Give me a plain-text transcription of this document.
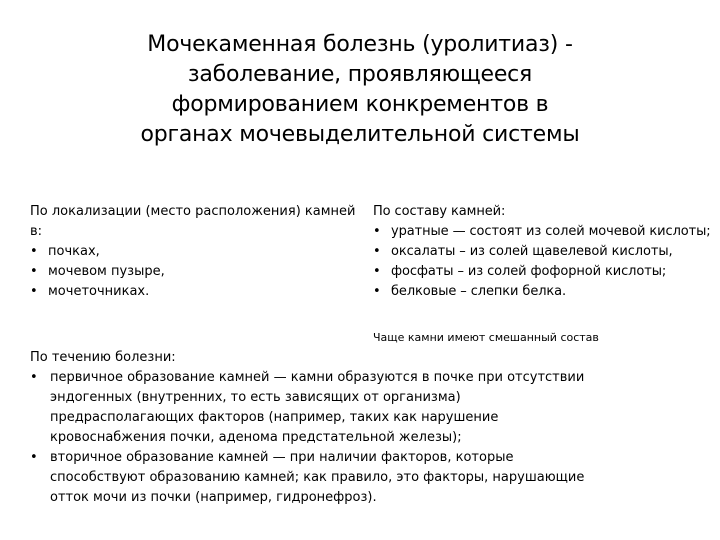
Мочекаменная болезнь (уролитиаз) -
заболевание, проявляющееся
формированием конкрементов в
органах мочевыделительной системы
По локализации (место расположения) камней в:
• почках,
• мочевом пузыре,
• мочеточниках.
По составу камней:
• уратные — состоят из солей мочевой кислоты;
• оксалаты – из солей щавелевой кислоты,
• фосфаты – из солей фофорной кислоты;
• белковые – слепки белка.
Чаще камни имеют смешанный состав
По течению болезни:
• первичное образование камней — камни образуются в почке при отсутствии эндогенных (внутренних, то есть зависящих от организма) предрасполагающих факторов (например, таких как нарушение кровоснабжения почки, аденома предстательной железы);
• вторичное образование камней — при наличии факторов, которые способствуют образованию камней; как правило, это факторы, нарушающие отток мочи из почки (например, гидронефроз).
